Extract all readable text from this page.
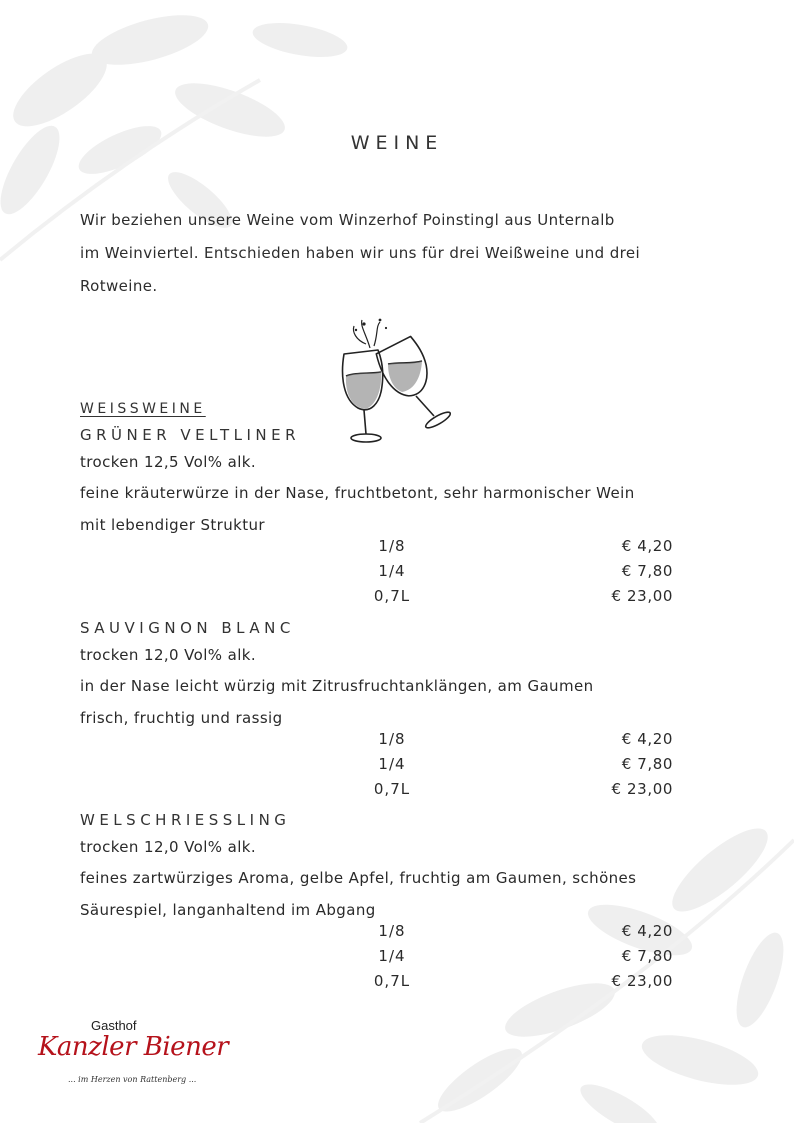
WEINE

Wir beziehen unsere Weine vom Winzerhof Poinstingl aus Unternalb

im Weinviertel. Entschieden haben wir uns für drei Weißweine und drei

Rotweine.

WEISSWEINE
GRÜNER VELTLINER
trocken 12,5 Vol% alk.

feine kräuterwürze in der Nase, fruchtbetont, sehr harmonischer Wein

mit lebendiger Struktur

1/8	€ 4,20
1/4	€ 7,80
0,7L	€ 23,00
SAUVIGNON BLANC
trocken 12,0 Vol% alk.

in der Nase leicht würzig mit Zitrusfruchtanklängen, am Gaumen

frisch, fruchtig und rassig

1/8	€ 4,20
1/4	€ 7,80
0,7L	€ 23,00
WELSCHRIESSLING
trocken 12,0 Vol% alk.

feines zartwürziges Aroma, gelbe Apfel, fruchtig am Gaumen, schönes

Säurespiel, langanhaltend im Abgang

1/8	€ 4,20
1/4	€ 7,80
0,7L	€ 23,00
Gasthof
Kanzler Biener
... im Herzen von Rattenberg ...
